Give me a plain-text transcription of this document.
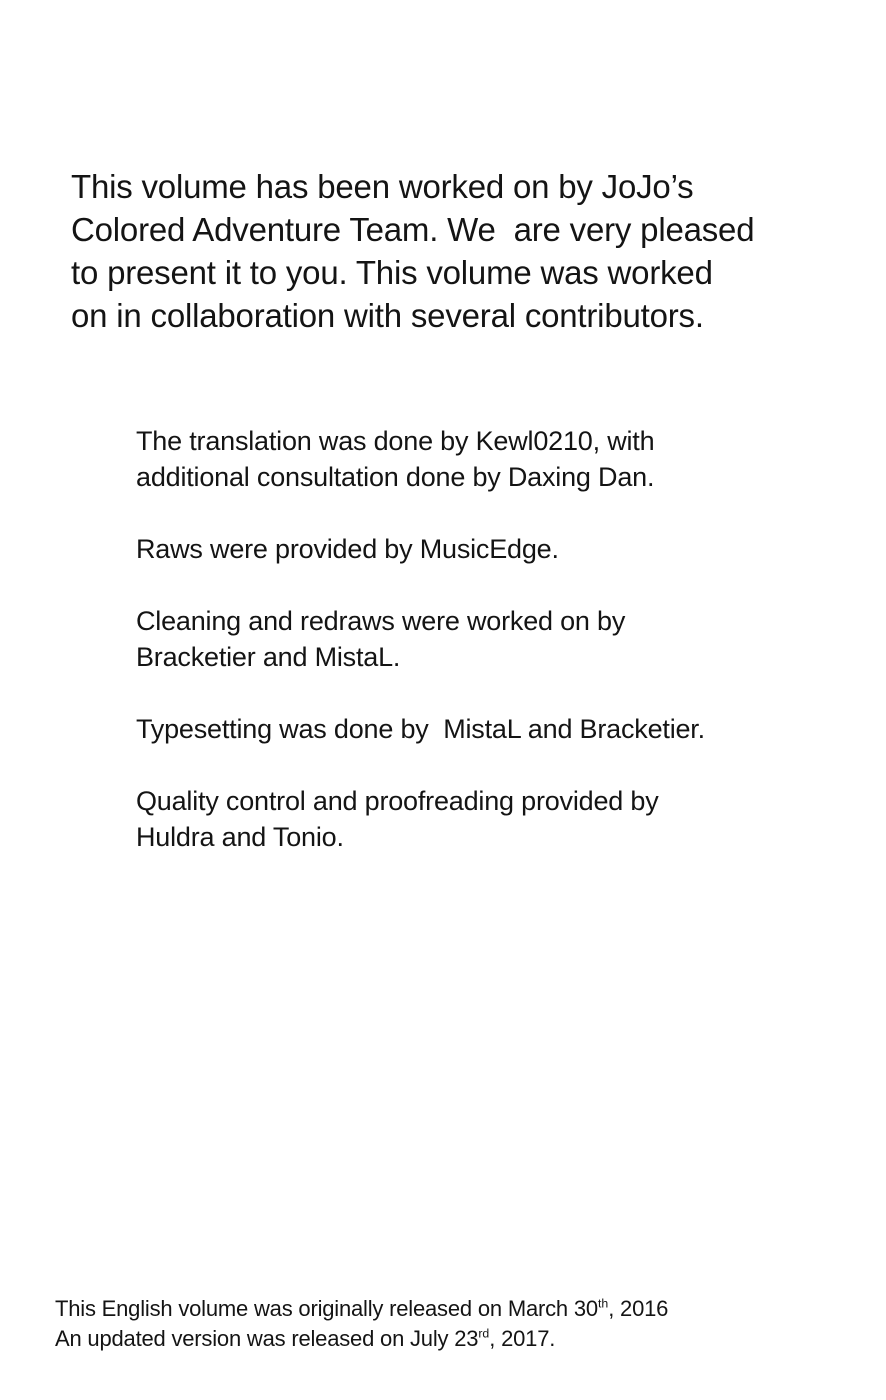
This volume has been worked on by JoJo’s
Colored Adventure Team. We  are very pleased
to present it to you. This volume was worked
on in collaboration with several contributors.
The translation was done by Kewl0210, with
additional consultation done by Daxing Dan.
Raws were provided by MusicEdge.
Cleaning and redraws were worked on by
Bracketier and MistaL.
Typesetting was done by  MistaL and Bracketier.
Quality control and proofreading provided by
Huldra and Tonio.
This English volume was originally released on March 30th, 2016
An updated version was released on July 23rd, 2017.
